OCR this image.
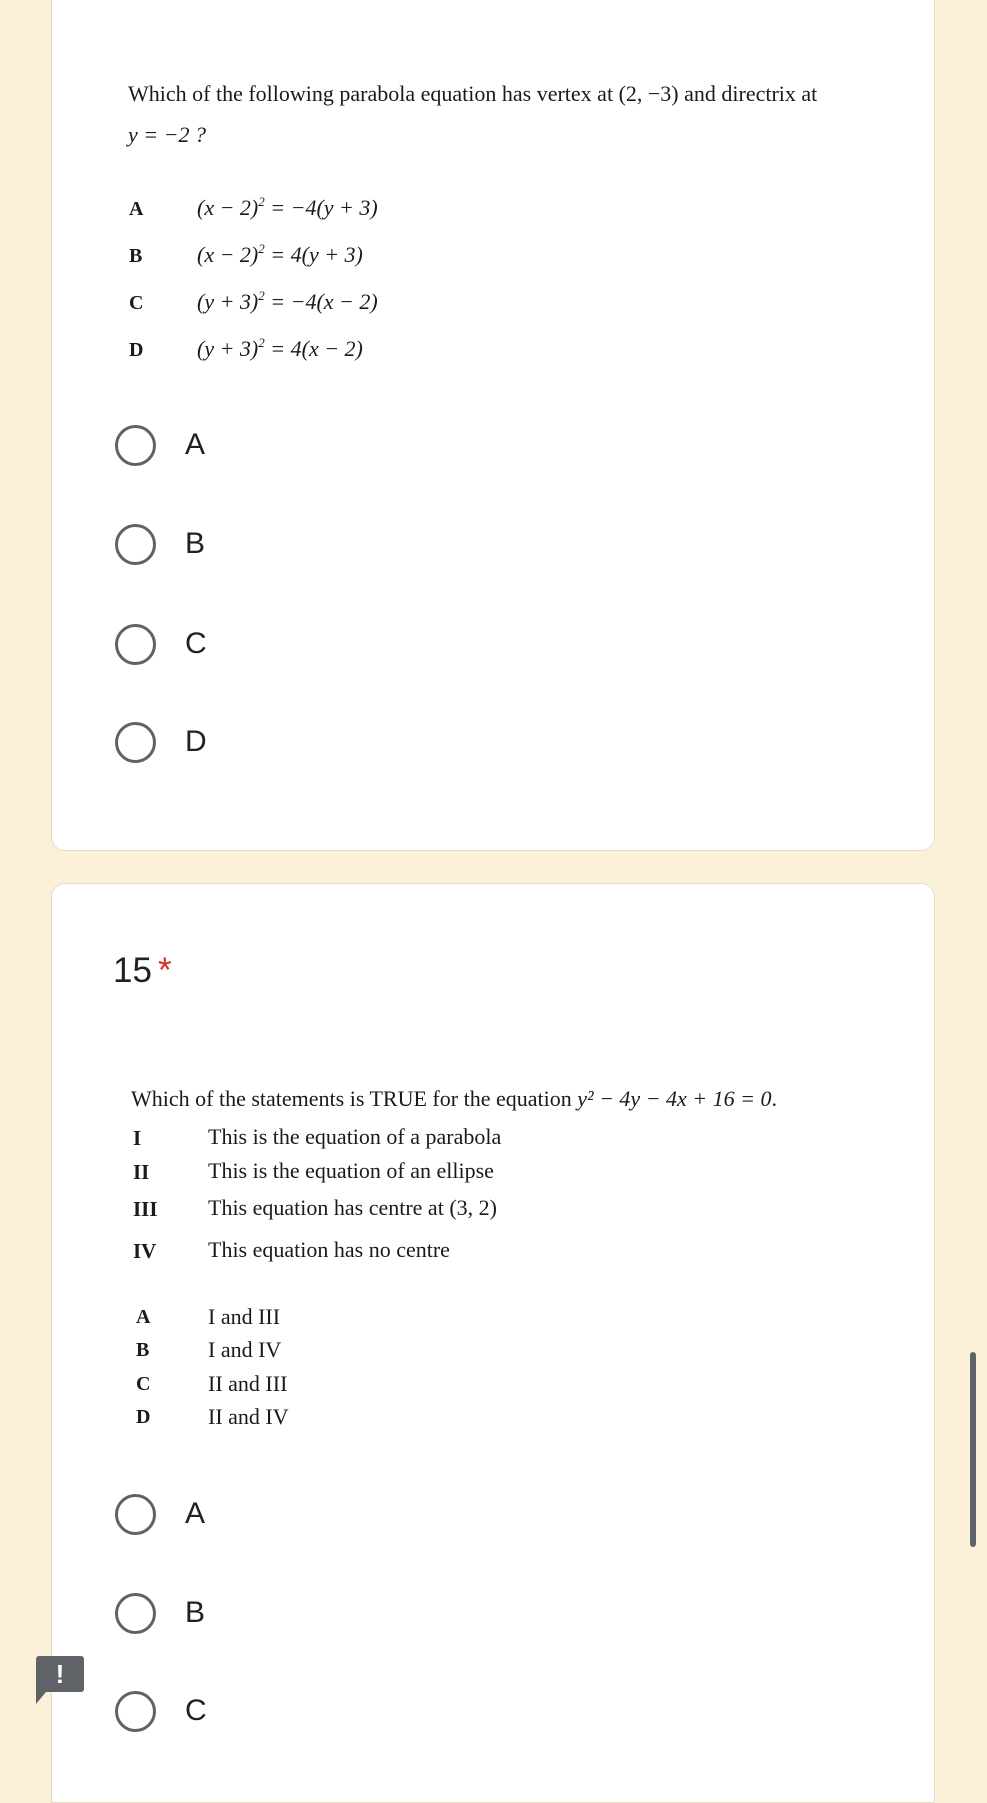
Which of the following parabola equation has vertex at (2, −3) and directrix at
y = −2 ?
A $(x - 2)^2 = -4(y + 3)$
B $(x - 2)^2 = 4(y + 3)$
C $(y + 3)^2 = -4(x - 2)$
D $(y + 3)^2 = 4(x - 2)$
A
B
C
D
15 *
Which of the statements is TRUE for the equation y² − 4y − 4x + 16 = 0.
I	This is the equation of a parabola
II	This is the equation of an ellipse
III This equation has centre at (3, 2)
IV This equation has no centre
A	I and III
B	I and IV
C	II and III
D	II and IV
A
B
C
!
